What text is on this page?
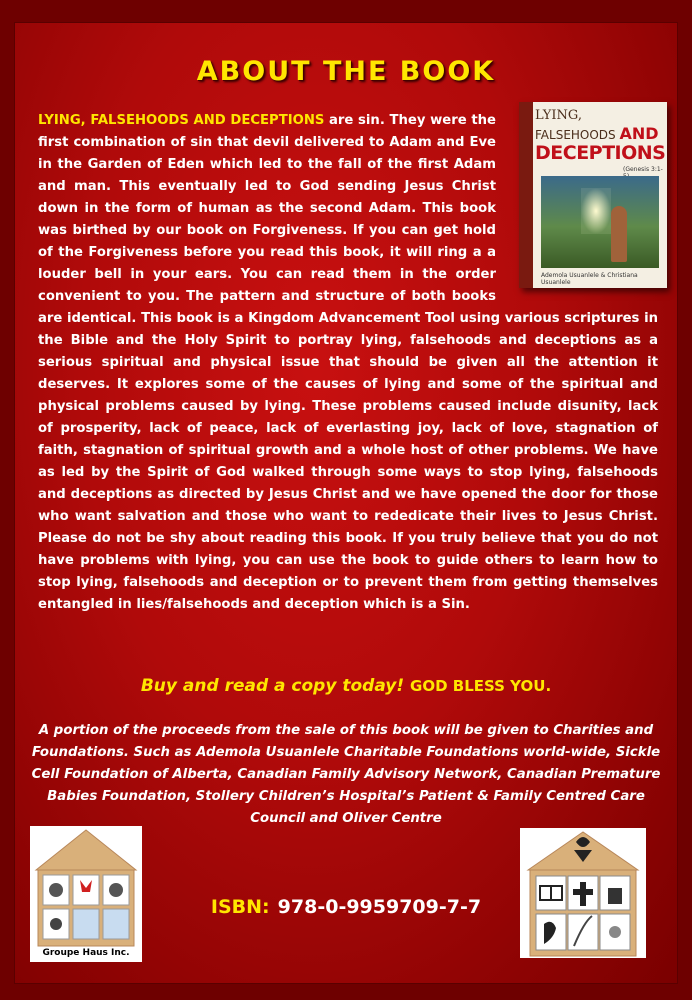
ABOUT THE BOOK
LYING,
FALSEHOODS AND
DECEPTIONS
(Genesis 3:1-
Ademola Usuanlele & Christiana Usuanlele
LYING, FALSEHOODS AND DECEPTIONS are sin. They were the first combination of sin that devil delivered to Adam and Eve in the Garden of Eden which led to the fall of the first Adam and man. This eventually led to God sending Jesus Christ down in the form of human as the second Adam. This book was birthed by our book on Forgiveness. If you can get hold of the Forgiveness before you read this book, it will ring a a louder bell in your ears. You can read them in the order convenient to you. The pattern and structure of both books are identical. This book is a Kingdom Advancement Tool using various scriptures in the Bible and the Holy Spirit to portray lying, falsehoods and deceptions as a serious spiritual and physical issue that should be given all the attention it deserves. It explores some of the causes of lying and some of the spiritual and physical problems caused by lying. These problems caused include disunity, lack of prosperity, lack of peace, lack of everlasting joy, lack of love, stagnation of faith, stagnation of spiritual growth and a whole host of other problems. We have as led by the Spirit of God walked through some ways to stop lying, falsehoods and deceptions as directed by Jesus Christ and we have opened the door for those who want salvation and those who want to rededicate their lives to Jesus Christ. Please do not be shy about reading this book. If you truly believe that you do not have problems with lying, you can use the book to guide others to learn how to stop lying, falsehoods and deception or to prevent them from getting themselves entangled in lies/falsehoods and deception which is a Sin.
Buy and read a copy today! GOD BLESS YOU.
A portion of the proceeds from the sale of this book will be given to Charities and Foundations. Such as Ademola Usuanlele Charitable Foundations world-wide, Sickle Cell Foundation of Alberta, Canadian Family Advisory Network, Canadian Premature Babies Foundation, Stollery Children’s Hospital’s Patient & Family Centred Care Council and Oliver Centre
ISBN: 978-0-9959709-7-7
Groupe Haus Inc.
